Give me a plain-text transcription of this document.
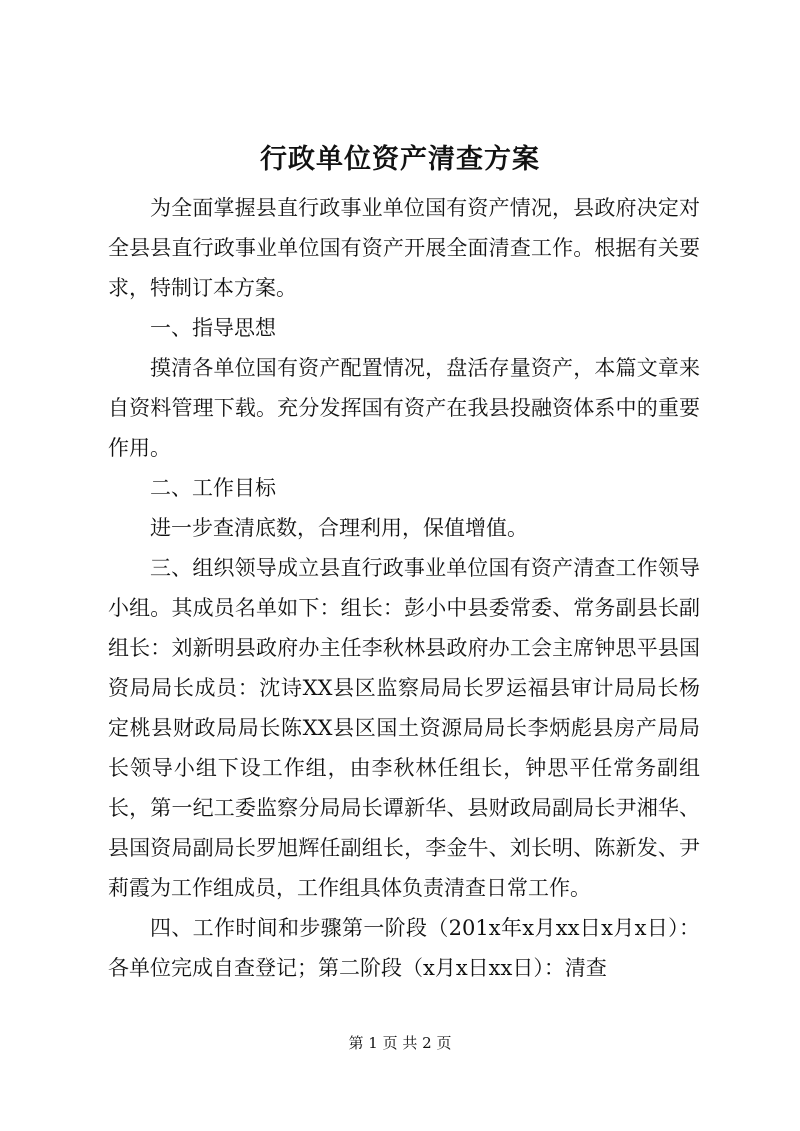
行政单位资产清查方案

为全面掌握县直行政事业单位国有资产情况，县政府决定对全县县直行政事业单位国有资产开展全面清查工作。根据有关要求，特制订本方案。

一、指导思想

摸清各单位国有资产配置情况，盘活存量资产，本篇文章来自资料管理下载。充分发挥国有资产在我县投融资体系中的重要作用。

二、工作目标

进一步查清底数，合理利用，保值增值。

三、组织领导成立县直行政事业单位国有资产清查工作领导小组。其成员名单如下：组长：彭小中县委常委、常务副县长副组长：刘新明县政府办主任李秋林县政府办工会主席钟思平县国资局局长成员：沈诗XX县区监察局局长罗运福县审计局局长杨定桃县财政局局长陈XX县区国土资源局局长李炳彪县房产局局长领导小组下设工作组，由李秋林任组长，钟思平任常务副组长，第一纪工委监察分局局长谭新华、县财政局副局长尹湘华、县国资局副局长罗旭辉任副组长，李金牛、刘长明、陈新发、尹莉霞为工作组成员，工作组具体负责清查日常工作。

四、工作时间和步骤第一阶段（201x年x月xx日x月x日）：各单位完成自查登记；第二阶段（x月x日xx日）：清查

第 1 页 共 2 页
